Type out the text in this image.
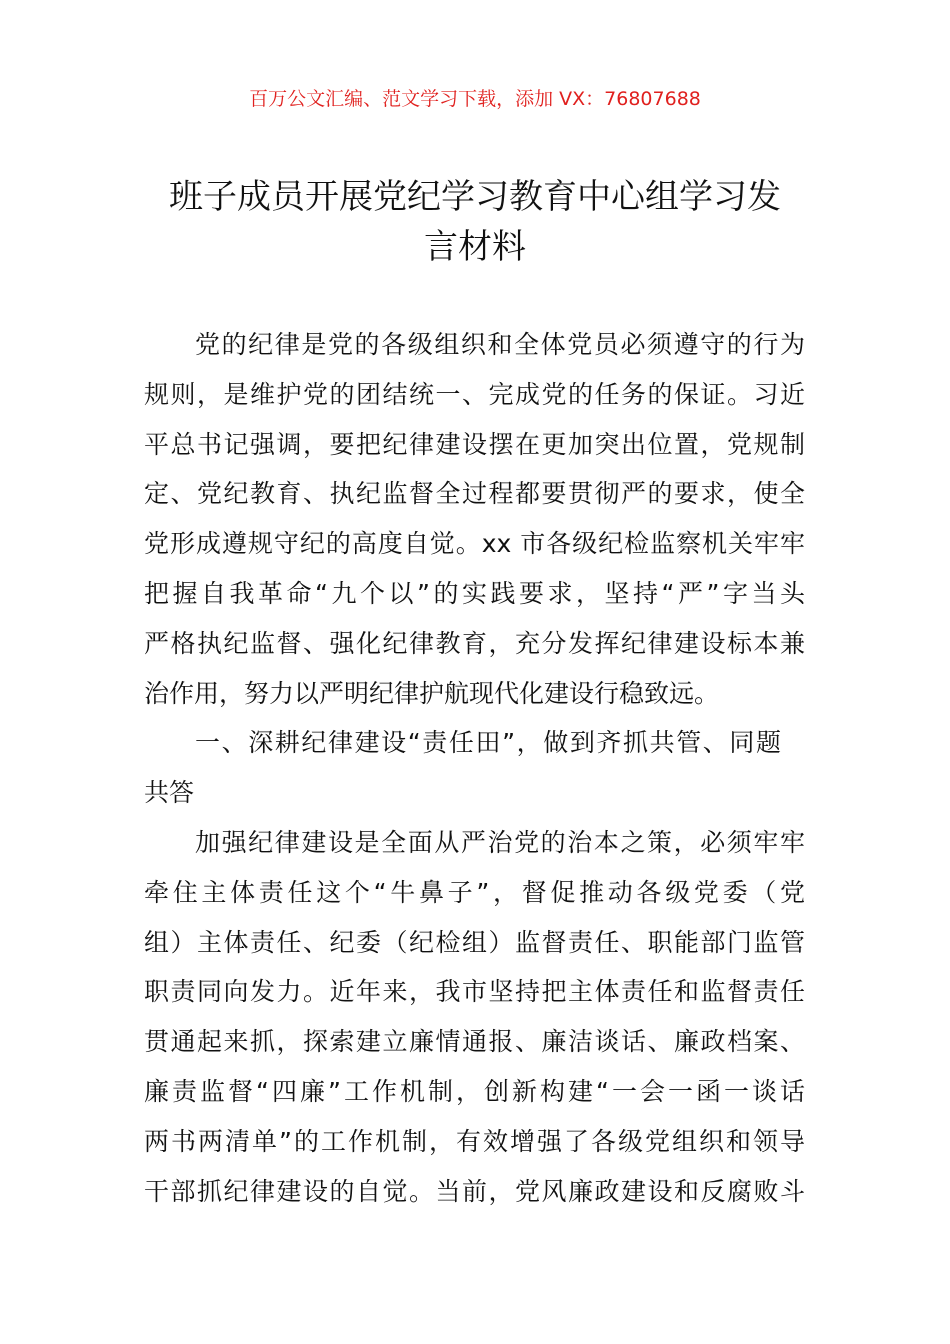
百万公文汇编、范文学习下载，添加 VX：76807688
班子成员开展党纪学习教育中心组学习发
言材料
党的纪律是党的各级组织和全体党员必须遵守的行为
规则，是维护党的团结统一、完成党的任务的保证。习近
平总书记强调，要把纪律建设摆在更加突出位置，党规制
定、党纪教育、执纪监督全过程都要贯彻严的要求，使全
党形成遵规守纪的高度自觉。xx 市各级纪检监察机关牢牢
把握自我革命“九个以”的实践要求，坚持“严”字当头
严格执纪监督、强化纪律教育，充分发挥纪律建设标本兼
治作用，努力以严明纪律护航现代化建设行稳致远。
一、深耕纪律建设“责任田”，做到齐抓共管、同题
共答
加强纪律建设是全面从严治党的治本之策，必须牢牢
牵住主体责任这个“牛鼻子”，督促推动各级党委（党
组）主体责任、纪委（纪检组）监督责任、职能部门监管
职责同向发力。近年来，我市坚持把主体责任和监督责任
贯通起来抓，探索建立廉情通报、廉洁谈话、廉政档案、
廉责监督“四廉”工作机制，创新构建“一会一函一谈话
两书两清单”的工作机制，有效增强了各级党组织和领导
干部抓纪律建设的自觉。当前，党风廉政建设和反腐败斗
